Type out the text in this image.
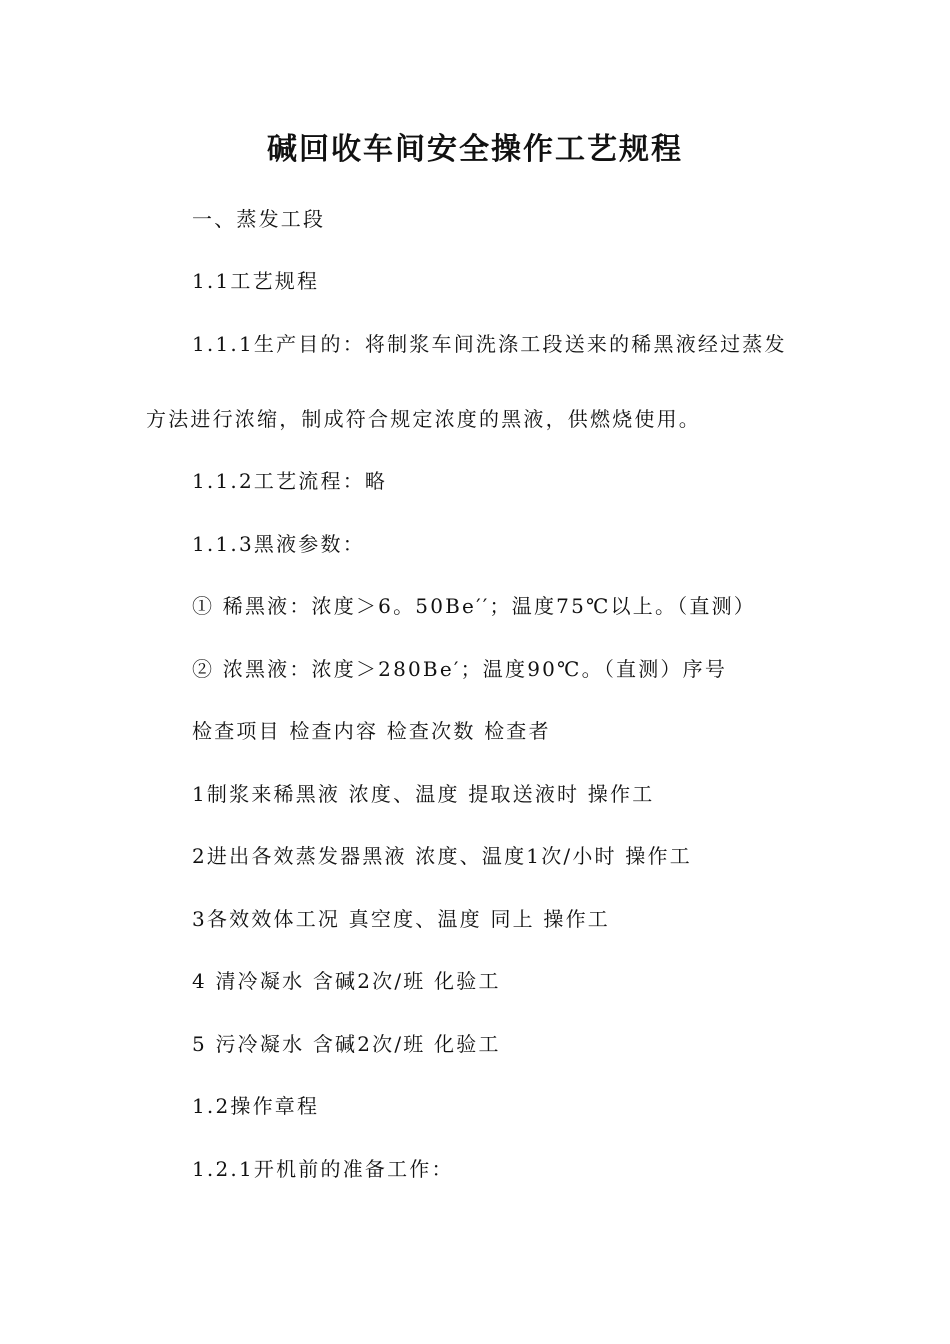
碱回收车间安全操作工艺规程
一、蒸发工段
1.1工艺规程
1.1.1生产目的：将制浆车间洗涤工段送来的稀黑液经过蒸发
方法进行浓缩，制成符合规定浓度的黑液，供燃烧使用。
1.1.2工艺流程：略
1.1.3黑液参数：
① 稀黑液：浓度＞6。50Be′′；温度75℃以上。（直测）
② 浓黑液：浓度＞280Be′；温度90℃。（直测）序号
检查项目 检查内容 检查次数 检查者
1制浆来稀黑液 浓度、温度 提取送液时 操作工
2进出各效蒸发器黑液 浓度、温度1次/小时 操作工
3各效效体工况 真空度、温度 同上 操作工
4 清冷凝水 含碱2次/班 化验工
5 污冷凝水 含碱2次/班 化验工
1.2操作章程
1.2.1开机前的准备工作：
